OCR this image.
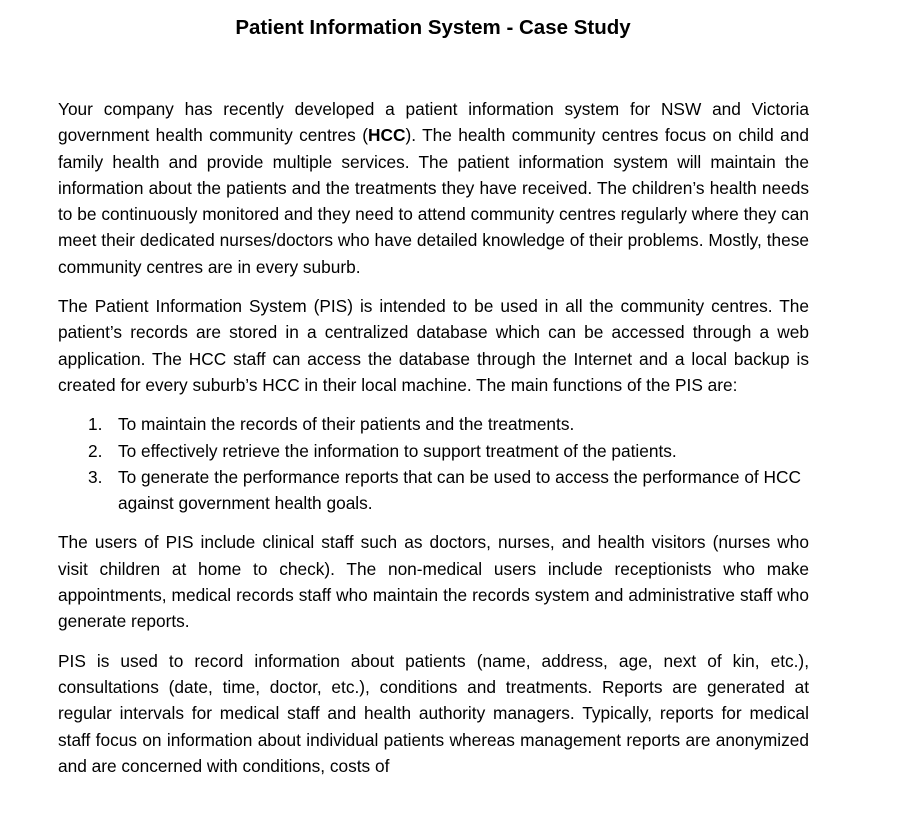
Patient Information System - Case Study

Your company has recently developed a patient information system for NSW and Victoria government health community centres (HCC). The health community centres focus on child and family health and provide multiple services. The patient information system will maintain the information about the patients and the treatments they have received. The children’s health needs to be continuously monitored and they need to attend community centres regularly where they can meet their dedicated nurses/doctors who have detailed knowledge of their problems. Mostly, these community centres are in every suburb.

The Patient Information System (PIS) is intended to be used in all the community centres. The patient’s records are stored in a centralized database which can be accessed through a web application. The HCC staff can access the database through the Internet and a local backup is created for every suburb’s HCC in their local machine. The main functions of the PIS are:

1. To maintain the records of their patients and the treatments.
2. To effectively retrieve the information to support treatment of the patients.
3. To generate the performance reports that can be used to access the performance of HCC against government health goals.

The users of PIS include clinical staff such as doctors, nurses, and health visitors (nurses who visit children at home to check). The non-medical users include receptionists who make appointments, medical records staff who maintain the records system and administrative staff who generate reports.

PIS is used to record information about patients (name, address, age, next of kin, etc.), consultations (date, time, doctor, etc.), conditions and treatments. Reports are generated at regular intervals for medical staff and health authority managers. Typically, reports for medical staff focus on information about individual patients whereas management reports are anonymized and are concerned with conditions, costs of
